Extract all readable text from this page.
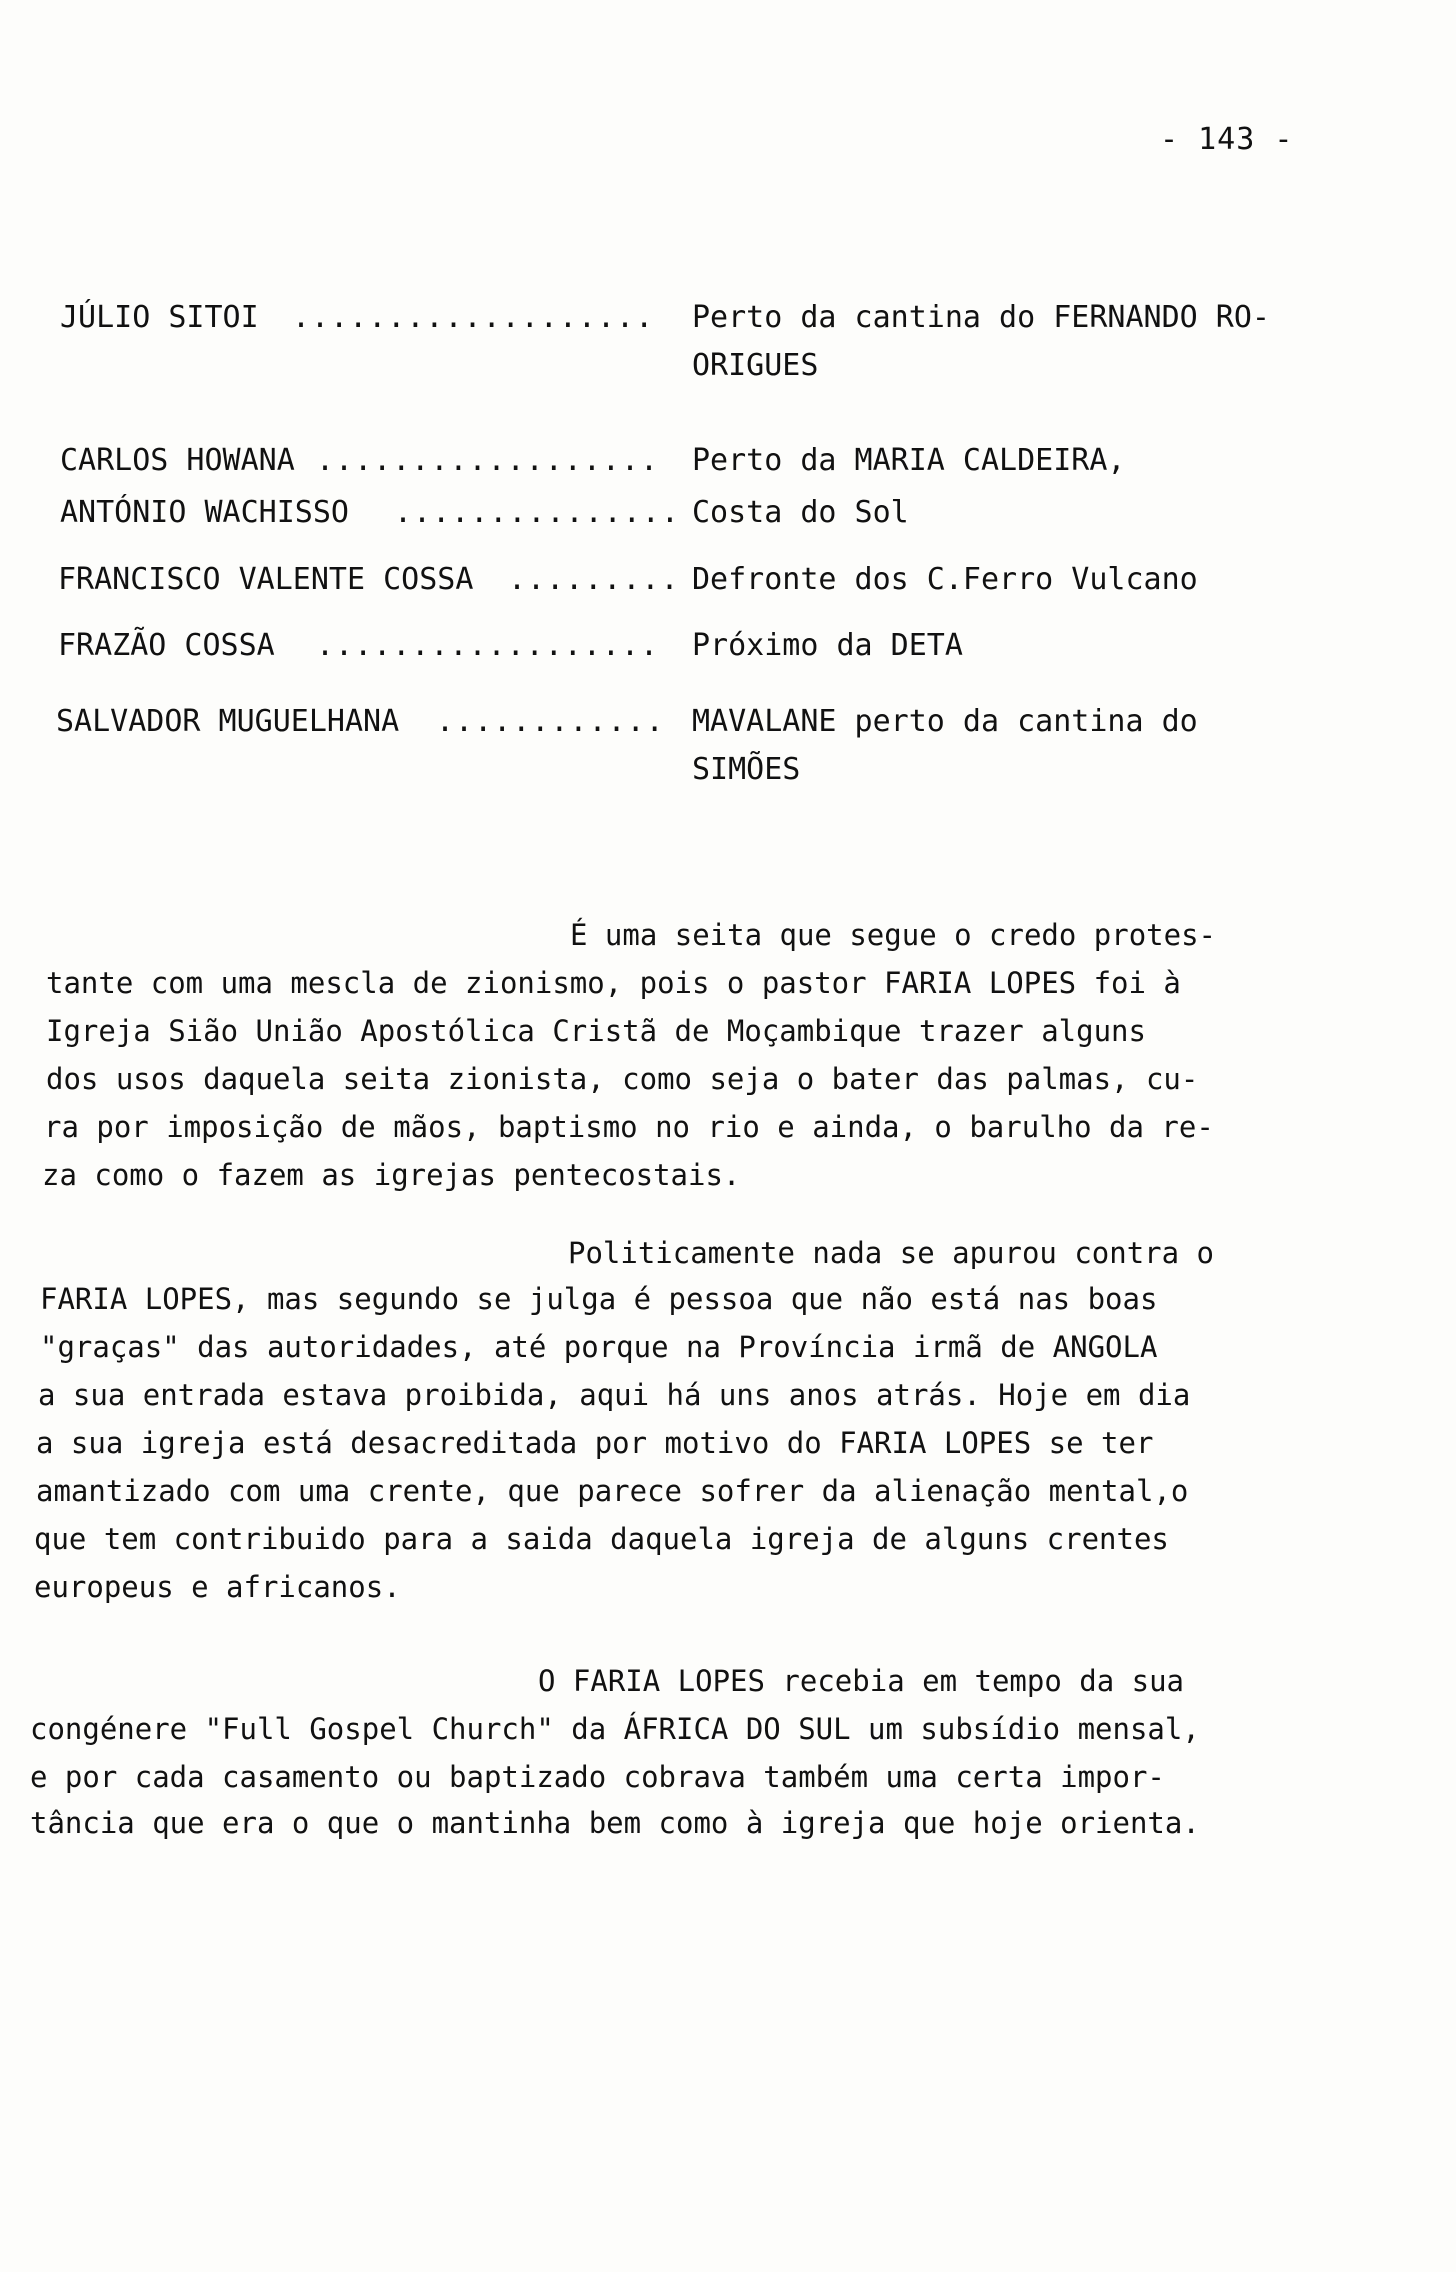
- 143 -
JÚLIO SITOI ................... Perto da cantina do FERNANDO RO-
ORIGUES
CARLOS HOWANA .................. Perto da MARIA CALDEIRA,
ANTÓNIO WACHISSO ............... Costa do Sol
FRANCISCO VALENTE COSSA ......... Defronte dos C.Ferro Vulcano
FRAZÃO COSSA .................. Próximo da DETA
SALVADOR MUGUELHANA ............ MAVALANE perto da cantina do
SIMÕES
É uma seita que segue o credo protes-
tante com uma mescla de zionismo, pois o pastor FARIA LOPES foi à
Igreja Sião União Apostólica Cristã de Moçambique trazer alguns
dos usos daquela seita zionista, como seja o bater das palmas, cu-
ra por imposição de mãos, baptismo no rio e ainda, o barulho da re-
za como o fazem as igrejas pentecostais.
Politicamente nada se apurou contra o
FARIA LOPES, mas segundo se julga é pessoa que não está nas boas
"graças" das autoridades, até porque na Província irmã de ANGOLA
a sua entrada estava proibida, aqui há uns anos atrás. Hoje em dia
a sua igreja está desacreditada por motivo do FARIA LOPES se ter
amantizado com uma crente, que parece sofrer da alienação mental,o
que tem contribuido para a saida daquela igreja de alguns crentes
europeus e africanos.
O FARIA LOPES recebia em tempo da sua
congénere "Full Gospel Church" da ÁFRICA DO SUL um subsídio mensal,
e por cada casamento ou baptizado cobrava também uma certa impor-
tância que era o que o mantinha bem como à igreja que hoje orienta.
